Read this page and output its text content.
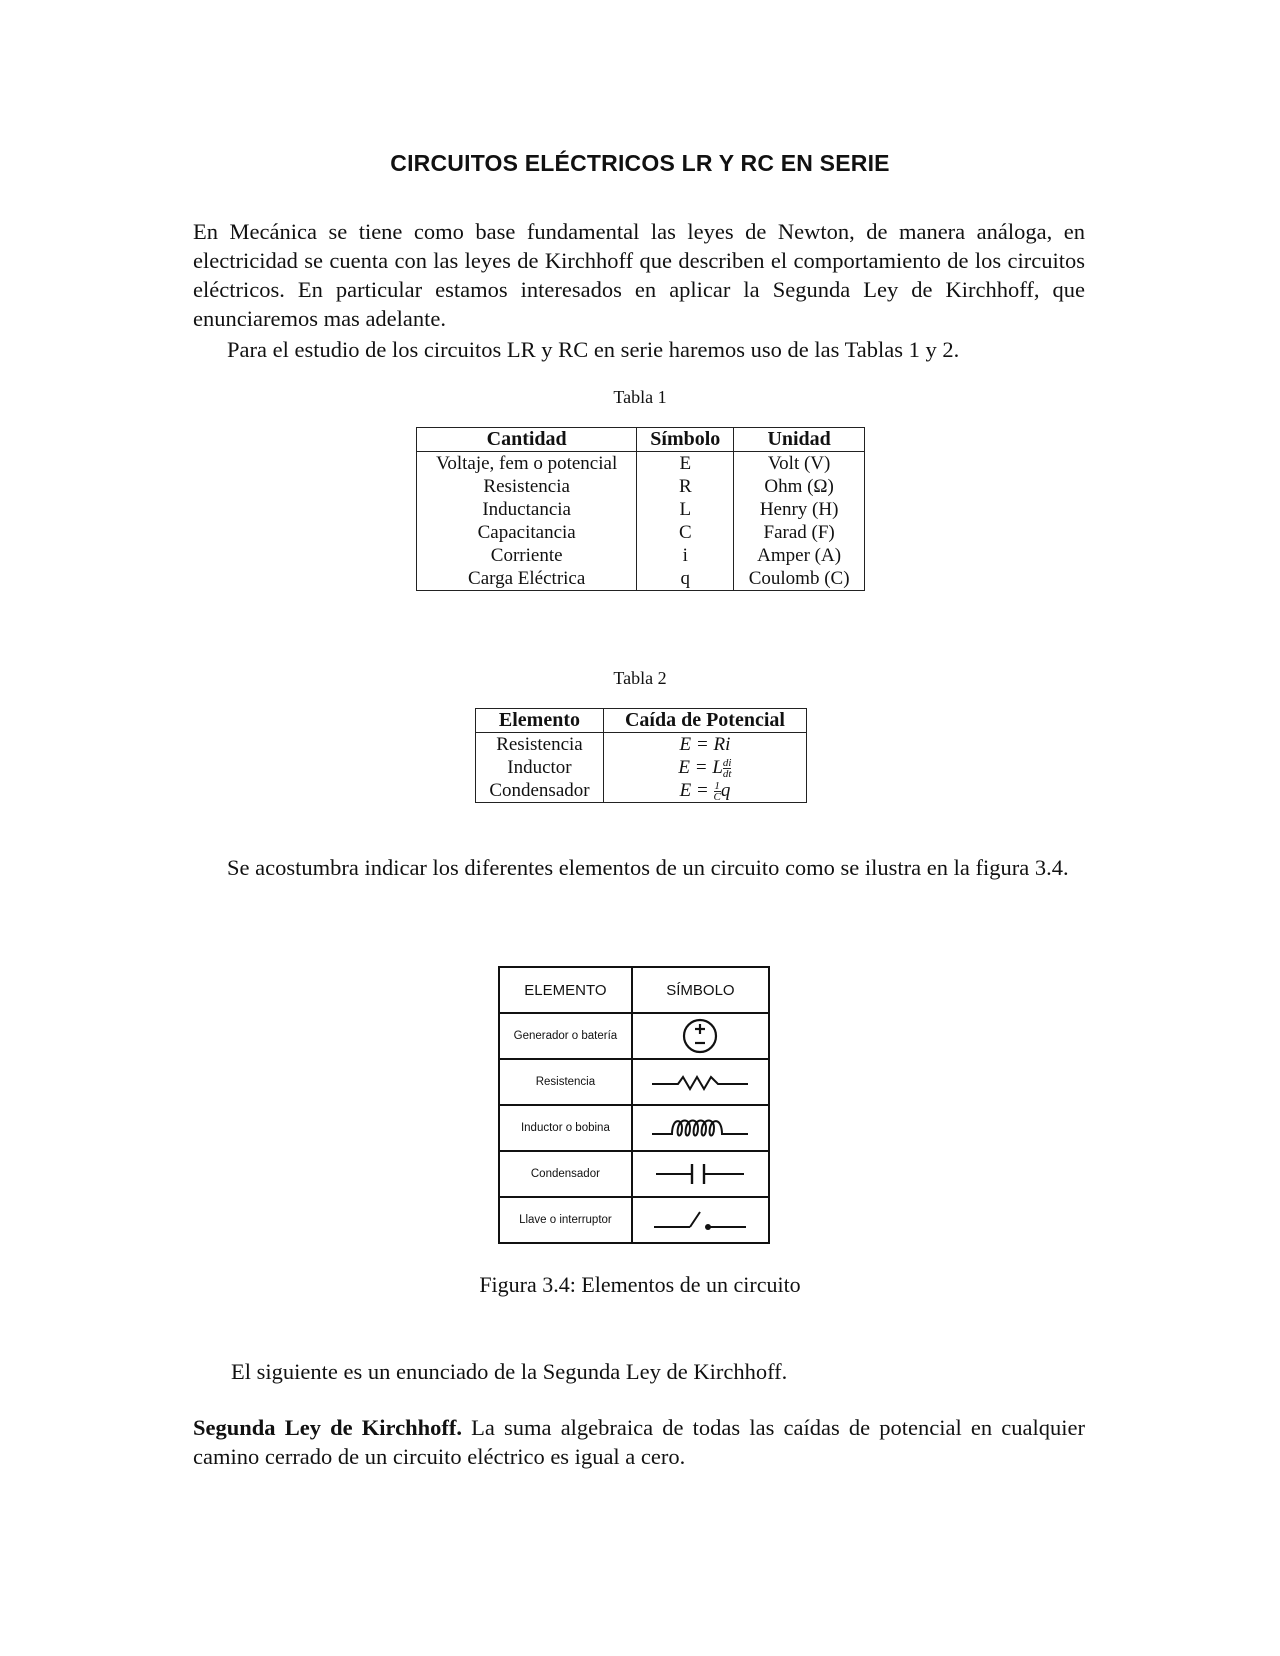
CIRCUITOS ELÉCTRICOS LR Y RC EN SERIE

En Mecánica se tiene como base fundamental las leyes de Newton, de manera análoga, en electricidad se cuenta con las leyes de Kirchhoff que describen el comportamiento de los circuitos eléctricos. En particular estamos interesados en aplicar la Segunda Ley de Kirchhoff, que enunciaremos mas adelante.

Para el estudio de los circuitos LR y RC en serie haremos uso de las Tablas 1 y 2.

Tabla 1
Cantidad	Símbolo	Unidad
Voltaje, fem o potencial	E	Volt (V)
Resistencia	R	Ohm (Ω)
Inductancia	L	Henry (H)
Capacitancia	C	Farad (F)
Corriente	i	Amper (A)
Carga Eléctrica	q	Coulomb (C)
Tabla 2
Elemento	Caída de Potencial
Resistencia	E = Ri
Inductor	E = L $\frac{di}{dt}$

Condensador	$E = \frac{1}{C}$ q

Se acostumbra indicar los diferentes elementos de un circuito como se ilustra en la figura 3.4.

ELEMENTO	SÍMBOLO
Generador o batería	

Resistencia	

Inductor o bobina	

Condensador	

Llave o interruptor	
Figura 3.4: Elementos de un circuito

El siguiente es un enunciado de la Segunda Ley de Kirchhoff.

Segunda Ley de Kirchhoff. La suma algebraica de todas las caídas de potencial en cualquier camino cerrado de un circuito eléctrico es igual a cero.
